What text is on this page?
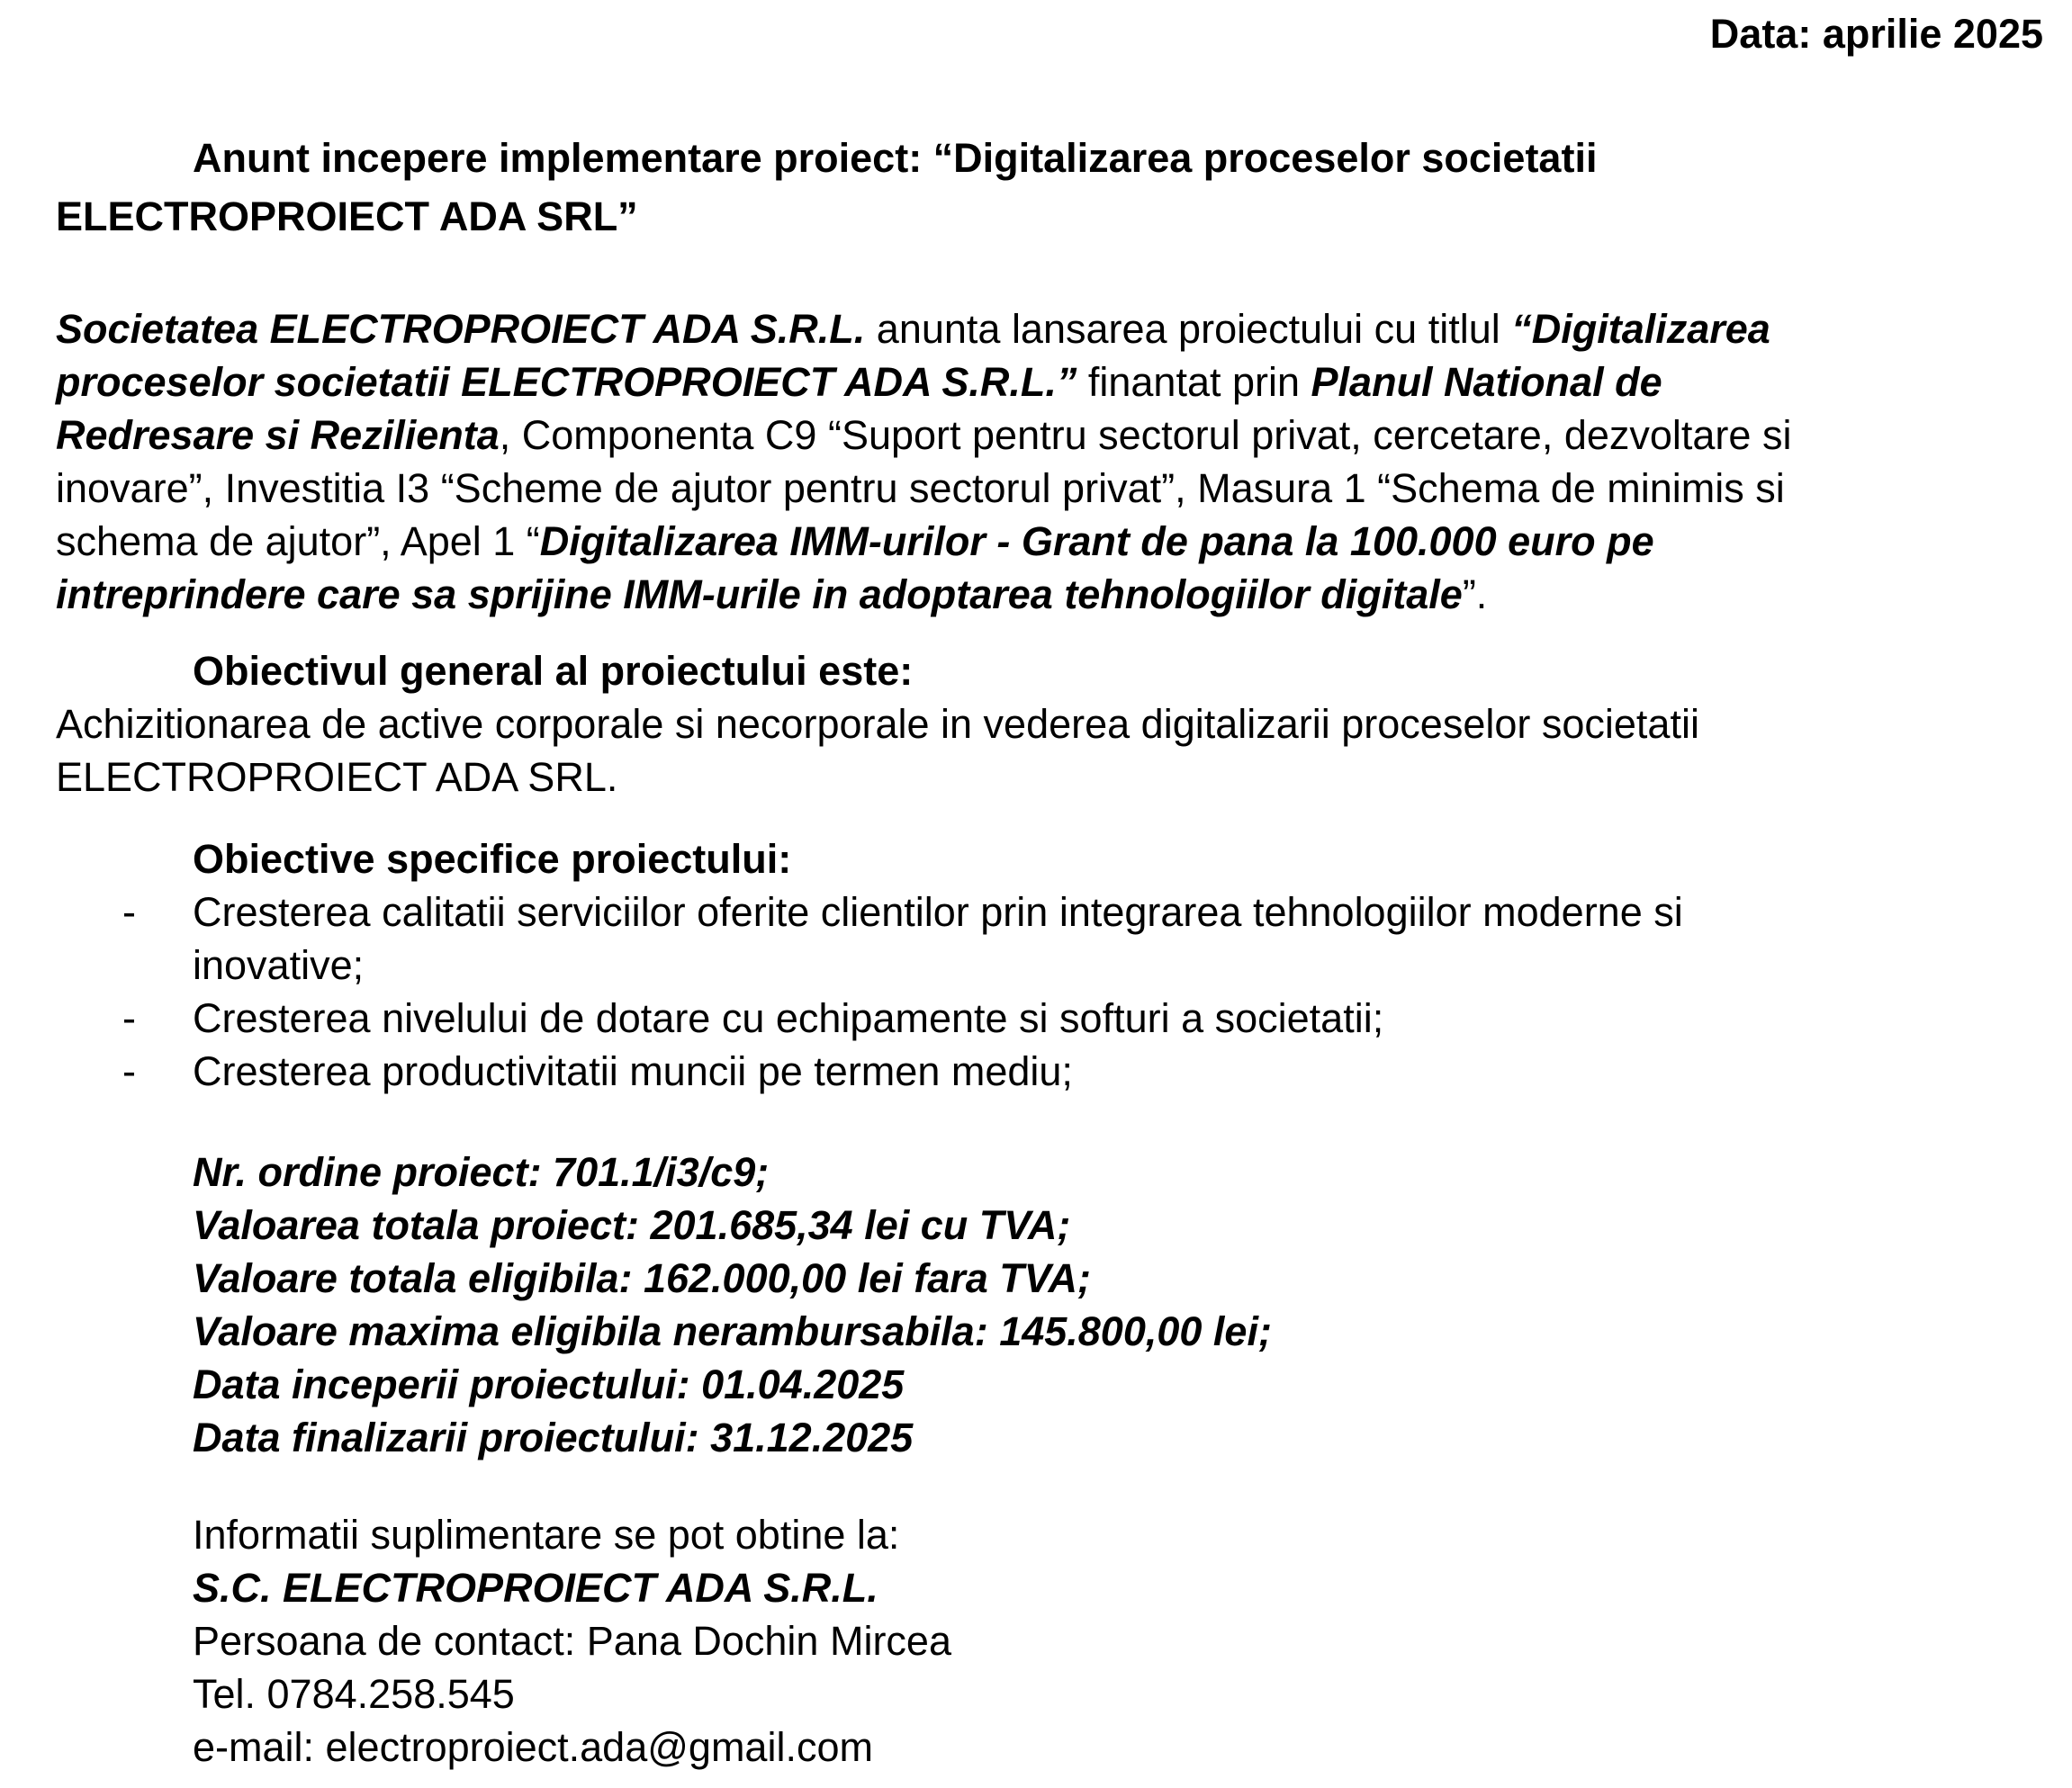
Data: aprilie 2025
Anunt incepere implementare proiect: “Digitalizarea proceselor societatii
ELECTROPROIECT ADA SRL”
Societatea ELECTROPROIECT ADA S.R.L. anunta lansarea proiectului cu titlul “Digitalizarea
proceselor societatii ELECTROPROIECT ADA S.R.L.” finantat prin Planul National de
Redresare si Rezilienta, Componenta C9 “Suport pentru sectorul privat, cercetare, dezvoltare si
inovare”, Investitia I3 “Scheme de ajutor pentru sectorul privat”, Masura 1 “Schema de minimis si
schema de ajutor”, Apel 1 “Digitalizarea IMM-urilor - Grant de pana la 100.000 euro pe
intreprindere care sa sprijine IMM-urile in adoptarea tehnologiilor digitale”.
Obiectivul general al proiectului este:
Achizitionarea de active corporale si necorporale in vederea digitalizarii proceselor societatii
ELECTROPROIECT ADA SRL.
Obiective specifice proiectului:
- Cresterea calitatii serviciilor oferite clientilor prin integrarea tehnologiilor moderne si
inovative;
- Cresterea nivelului de dotare cu echipamente si softuri a societatii;
- Cresterea productivitatii muncii pe termen mediu;
Nr. ordine proiect: 701.1/i3/c9;
Valoarea totala proiect: 201.685,34 lei cu TVA;
Valoare totala eligibila: 162.000,00 lei fara TVA;
Valoare maxima eligibila nerambursabila: 145.800,00 lei;
Data inceperii proiectului: 01.04.2025
Data finalizarii proiectului: 31.12.2025
Informatii suplimentare se pot obtine la:
S.C. ELECTROPROIECT ADA S.R.L.
Persoana de contact: Pana Dochin Mircea
Tel. 0784.258.545
e-mail: electroproiect.ada@gmail.com
